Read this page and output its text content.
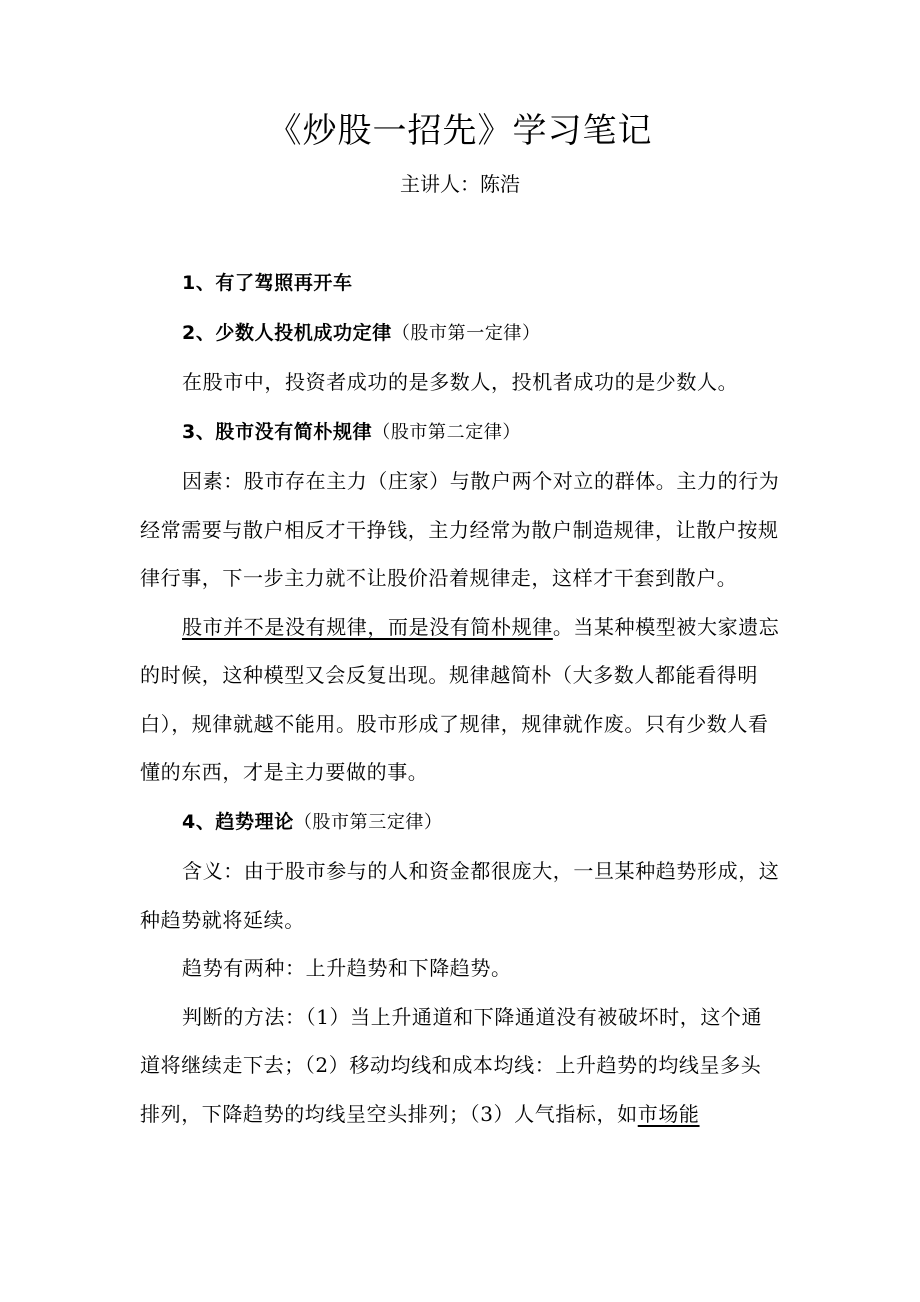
《炒股一招先》学习笔记

主讲人：陈浩

1、有了驾照再开车

2、少数人投机成功定律（股市第一定律）

在股市中，投资者成功的是多数人，投机者成功的是少数人。

3、股市没有简朴规律（股市第二定律）

因素：股市存在主力（庄家）与散户两个对立的群体。主力的行为经常需要与散户相反才干挣钱，主力经常为散户制造规律，让散户按规律行事，下一步主力就不让股价沿着规律走，这样才干套到散户。

股市并不是没有规律，而是没有简朴规律。当某种模型被大家遗忘的时候，这种模型又会反复出现。规律越简朴（大多数人都能看得明白），规律就越不能用。股市形成了规律，规律就作废。只有少数人看懂的东西，才是主力要做的事。

4、趋势理论（股市第三定律）

含义：由于股市参与的人和资金都很庞大，一旦某种趋势形成，这种趋势就将延续。

趋势有两种：上升趋势和下降趋势。

判断的方法：（1）当上升通道和下降通道没有被破坏时，这个通道将继续走下去；（2）移动均线和成本均线：上升趋势的均线呈多头排列，下降趋势的均线呈空头排列；（3）人气指标，如市场能
